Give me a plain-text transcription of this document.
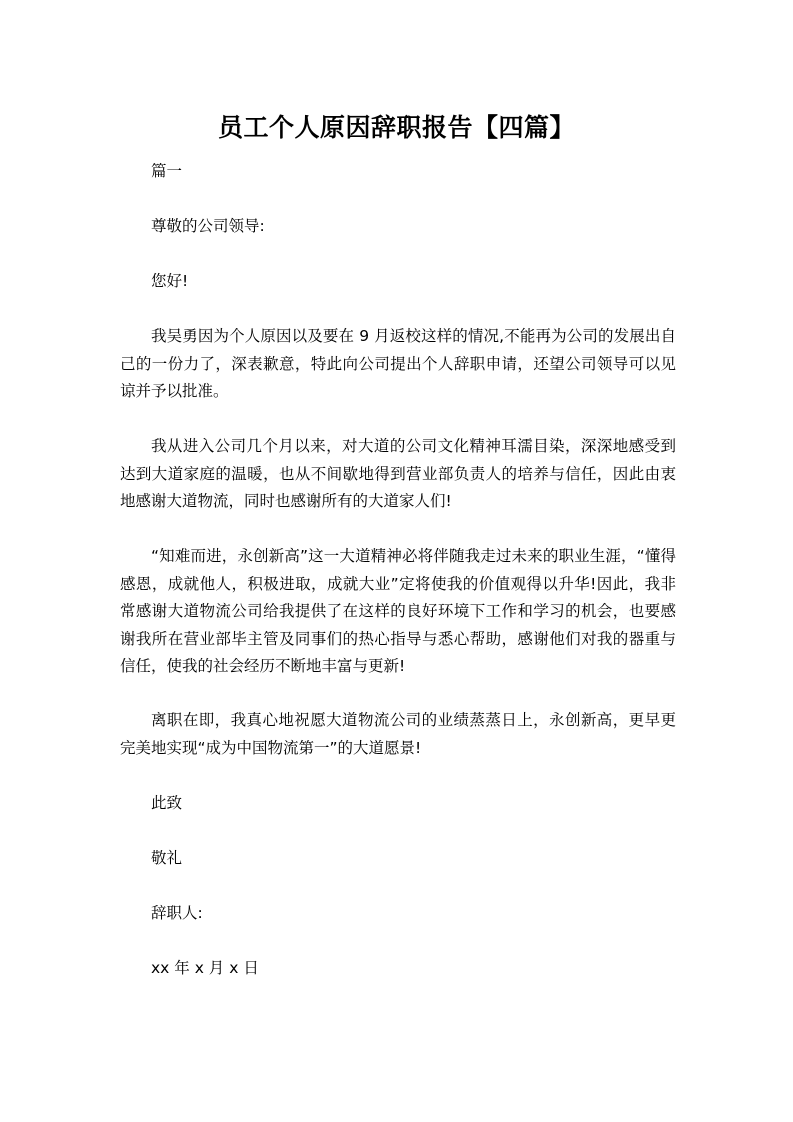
员工个人原因辞职报告【四篇】
篇一
尊敬的公司领导:
您好!

我吴勇因为个人原因以及要在 9 月返校这样的情况,不能再为公司的发展出自己的一份力了，深表歉意，特此向公司提出个人辞职申请，还望公司领导可以见谅并予以批准。

我从进入公司几个月以来，对大道的公司文化精神耳濡目染，深深地感受到达到大道家庭的温暖，也从不间歇地得到营业部负责人的培养与信任，因此由衷地感谢大道物流，同时也感谢所有的大道家人们!

“知难而进，永创新高”这一大道精神必将伴随我走过未来的职业生涯，“懂得感恩，成就他人，积极进取，成就大业”定将使我的价值观得以升华!因此，我非常感谢大道物流公司给我提供了在这样的良好环境下工作和学习的机会，也要感谢我所在营业部毕主管及同事们的热心指导与悉心帮助，感谢他们对我的器重与信任，使我的社会经历不断地丰富与更新!

离职在即，我真心地祝愿大道物流公司的业绩蒸蒸日上，永创新高，更早更完美地实现“成为中国物流第一”的大道愿景!

此致
敬礼
辞职人:
xx 年 x 月 x 日
